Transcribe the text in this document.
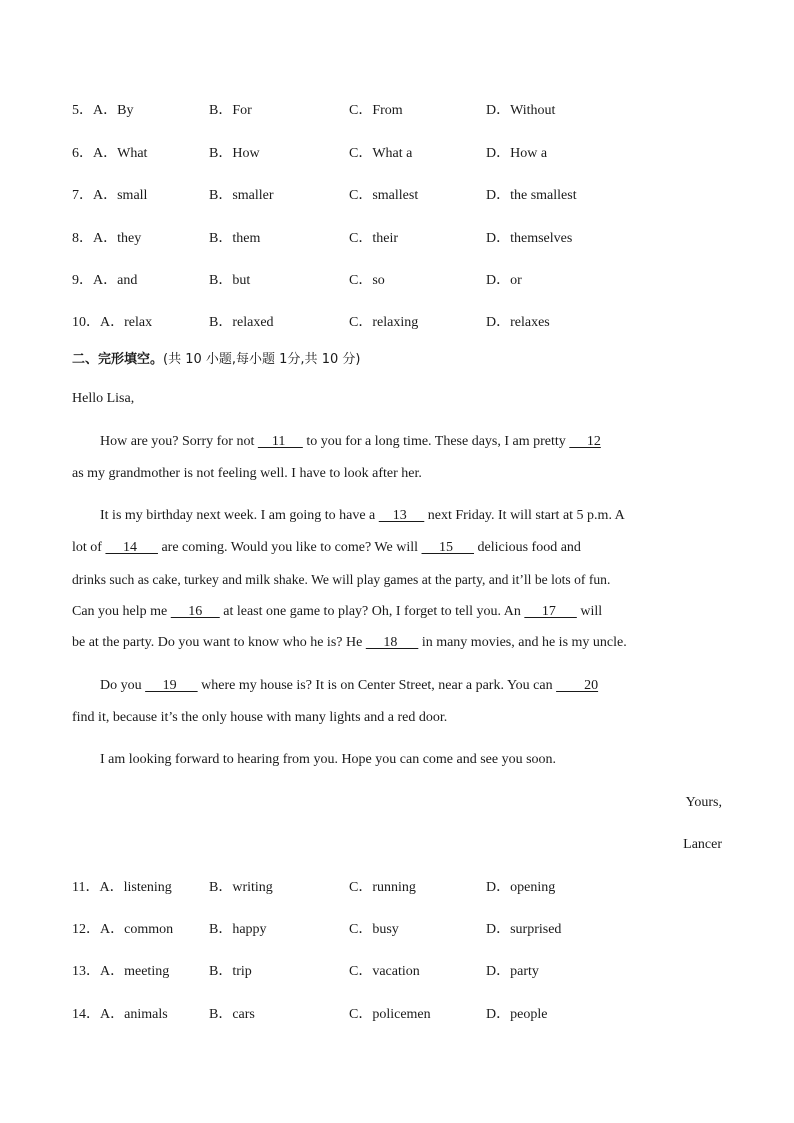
5．A．By	B．For	C．From	D．Without
6．A．What	B．How	C．What a	D．How a
7．A．small	B．smaller	C．smallest	D．the smallest
8．A．they	B．them	C．their	D．themselves
9．A．and	B．but	C．so	D．or
10．A．relax	B．relaxed	C．relaxing	D．relaxes
二、完形填空。(共 10 小题,每小题 1分,共 10 分)
Hello Lisa,
How are you? Sorry for not     11      to you for a long time. These days, I am pretty      12
as my grandmother is not feeling well. I have to look after her.
It is my birthday next week. I am going to have a     13      next Friday. It will start at 5 p.m. A
lot of      14       are coming. Would you like to come? We will      15       delicious food and
drinks such as cake, turkey and milk shake. We will play games at the party, and it’ll be lots of fun.
Can you help me      16      at least one game to play? Oh, I forget to tell you. An      17       will
be at the party. Do you want to know who he is? He      18       in many movies, and he is my uncle.
Do you      19       where my house is? It is on Center Street, near a park. You can         20
find it, because it’s the only house with many lights and a red door.
I am looking forward to hearing from you. Hope you can come and see you soon.
Yours,
Lancer
11．A．listening	B．writing	C．running	D．opening
12．A．common	B．happy	C．busy	D．surprised
13．A．meeting	B．trip	C．vacation	D．party
14．A．animals	B．cars	C．policemen	D．people
